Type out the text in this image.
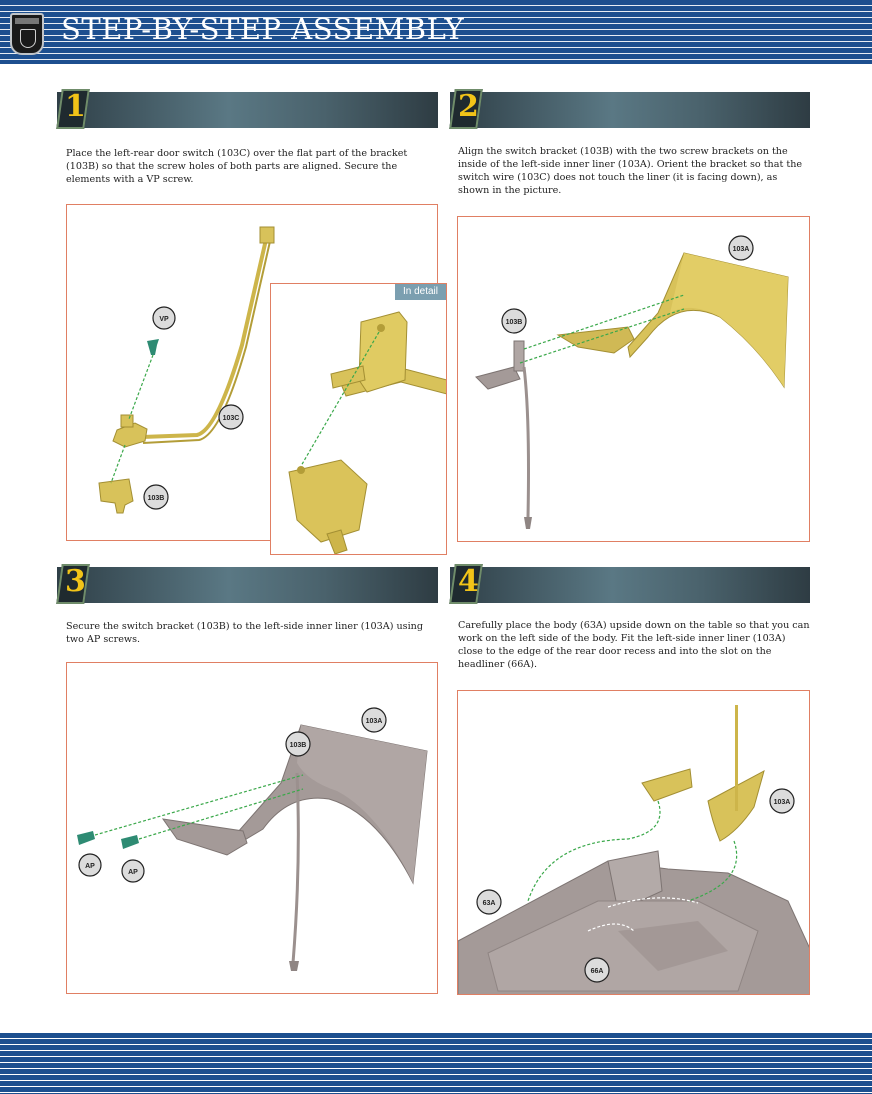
STEP-BY-STEP ASSEMBLY
1

Place the left-rear door switch (103C) over the flat part of the bracket (103B) so that the screw holes of both parts are aligned. Secure the elements with a VP screw.

VP
103C
103B
In detail
2

Align the switch bracket (103B) with the two screw brackets on the inside of the left-side inner liner (103A). Orient the bracket so that the switch wire (103C) does not touch the liner (it is facing down), as shown in the picture.

103A
103B
3

Secure the switch bracket (103B) to the left-side inner liner (103A) using two AP screws.

103A
103B
AP
AP
4

Carefully place the body (63A) upside down on the table so that you can work on the left side of the body. Fit the left-side inner liner (103A) close to the edge of the rear door recess and into the slot on the headliner (66A).

103A
63A
66A
